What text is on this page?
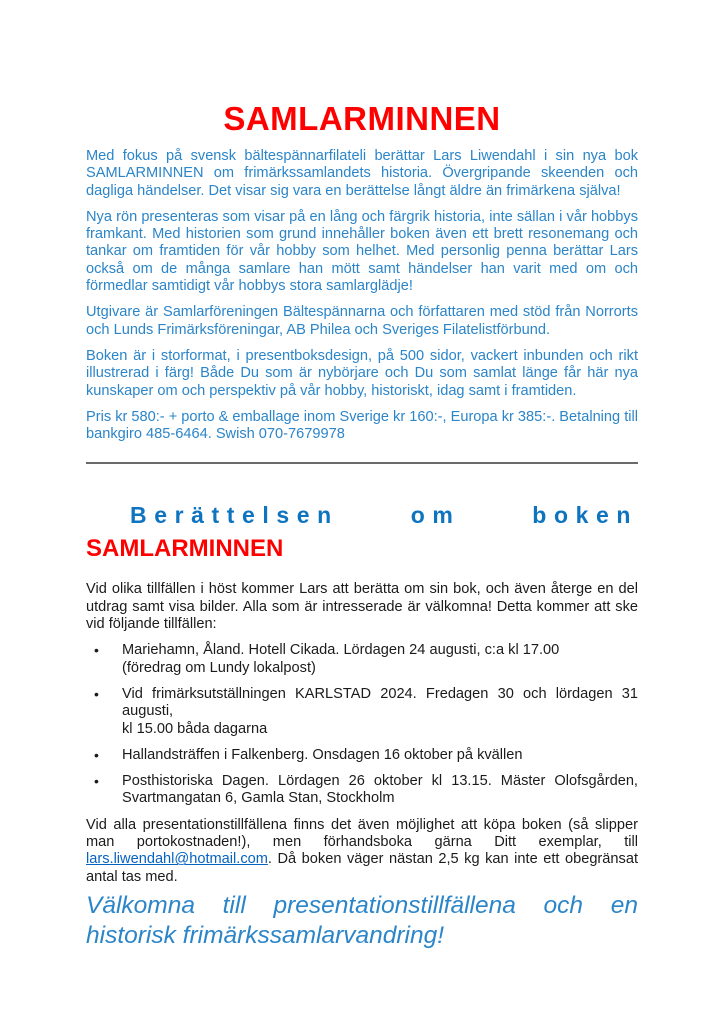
SAMLARMINNEN

Med fokus på svensk bältespännarfilateli berättar Lars Liwendahl i sin nya bok SAMLARMINNEN om frimärkssamlandets historia. Övergripande skeenden och dagliga händelser. Det visar sig vara en berättelse långt äldre än frimärkena själva!

Nya rön presenteras som visar på en lång och färgrik historia, inte sällan i vår hobbys framkant. Med historien som grund innehåller boken även ett brett resonemang och tankar om framtiden för vår hobby som helhet. Med personlig penna berättar Lars också om de många samlare han mött samt händelser han varit med om och förmedlar samtidigt vår hobbys stora samlarglädje!

Utgivare är Samlarföreningen Bältespännarna och författaren med stöd från Norrorts och Lunds Frimärksföreningar, AB Philea och Sveriges Filatelistförbund.

Boken är i storformat, i presentboksdesign, på 500 sidor, vackert inbunden och rikt illustrerad i färg! Både Du som är nybörjare och Du som samlat länge får här nya kunskaper om och perspektiv på vår hobby, historiskt, idag samt i framtiden.

Pris kr 580:- + porto & emballage inom Sverige kr 160:-, Europa kr 385:-. Betalning till bankgiro 485-6464. Swish 070-7679978

Berättelsen om boken
SAMLARMINNEN

Vid olika tillfällen i höst kommer Lars att berätta om sin bok, och även återge en del utdrag samt visa bilder. Alla som är intresserade är välkomna! Detta kommer att ske vid följande tillfällen:

• Mariehamn, Åland. Hotell Cikada. Lördagen 24 augusti, c:a kl 17.00
(föredrag om Lundy lokalpost)
• Vid frimärksutställningen KARLSTAD 2024. Fredagen 30 och lördagen 31 augusti,
kl 15.00 båda dagarna
• Hallandsträffen i Falkenberg. Onsdagen 16 oktober på kvällen
• Posthistoriska Dagen. Lördagen 26 oktober kl 13.15. Mäster Olofsgården, Svartmangatan 6, Gamla Stan, Stockholm

Vid alla presentationstillfällena finns det även möjlighet att köpa boken (så slipper man portokostnaden!), men förhandsboka gärna Ditt exemplar, till lars.liwendahl@hotmail.com. Då boken väger nästan 2,5 kg kan inte ett obegränsat antal tas med.

Välkomna till presentationstillfällena och en
historisk frimärkssamlarvandring!
